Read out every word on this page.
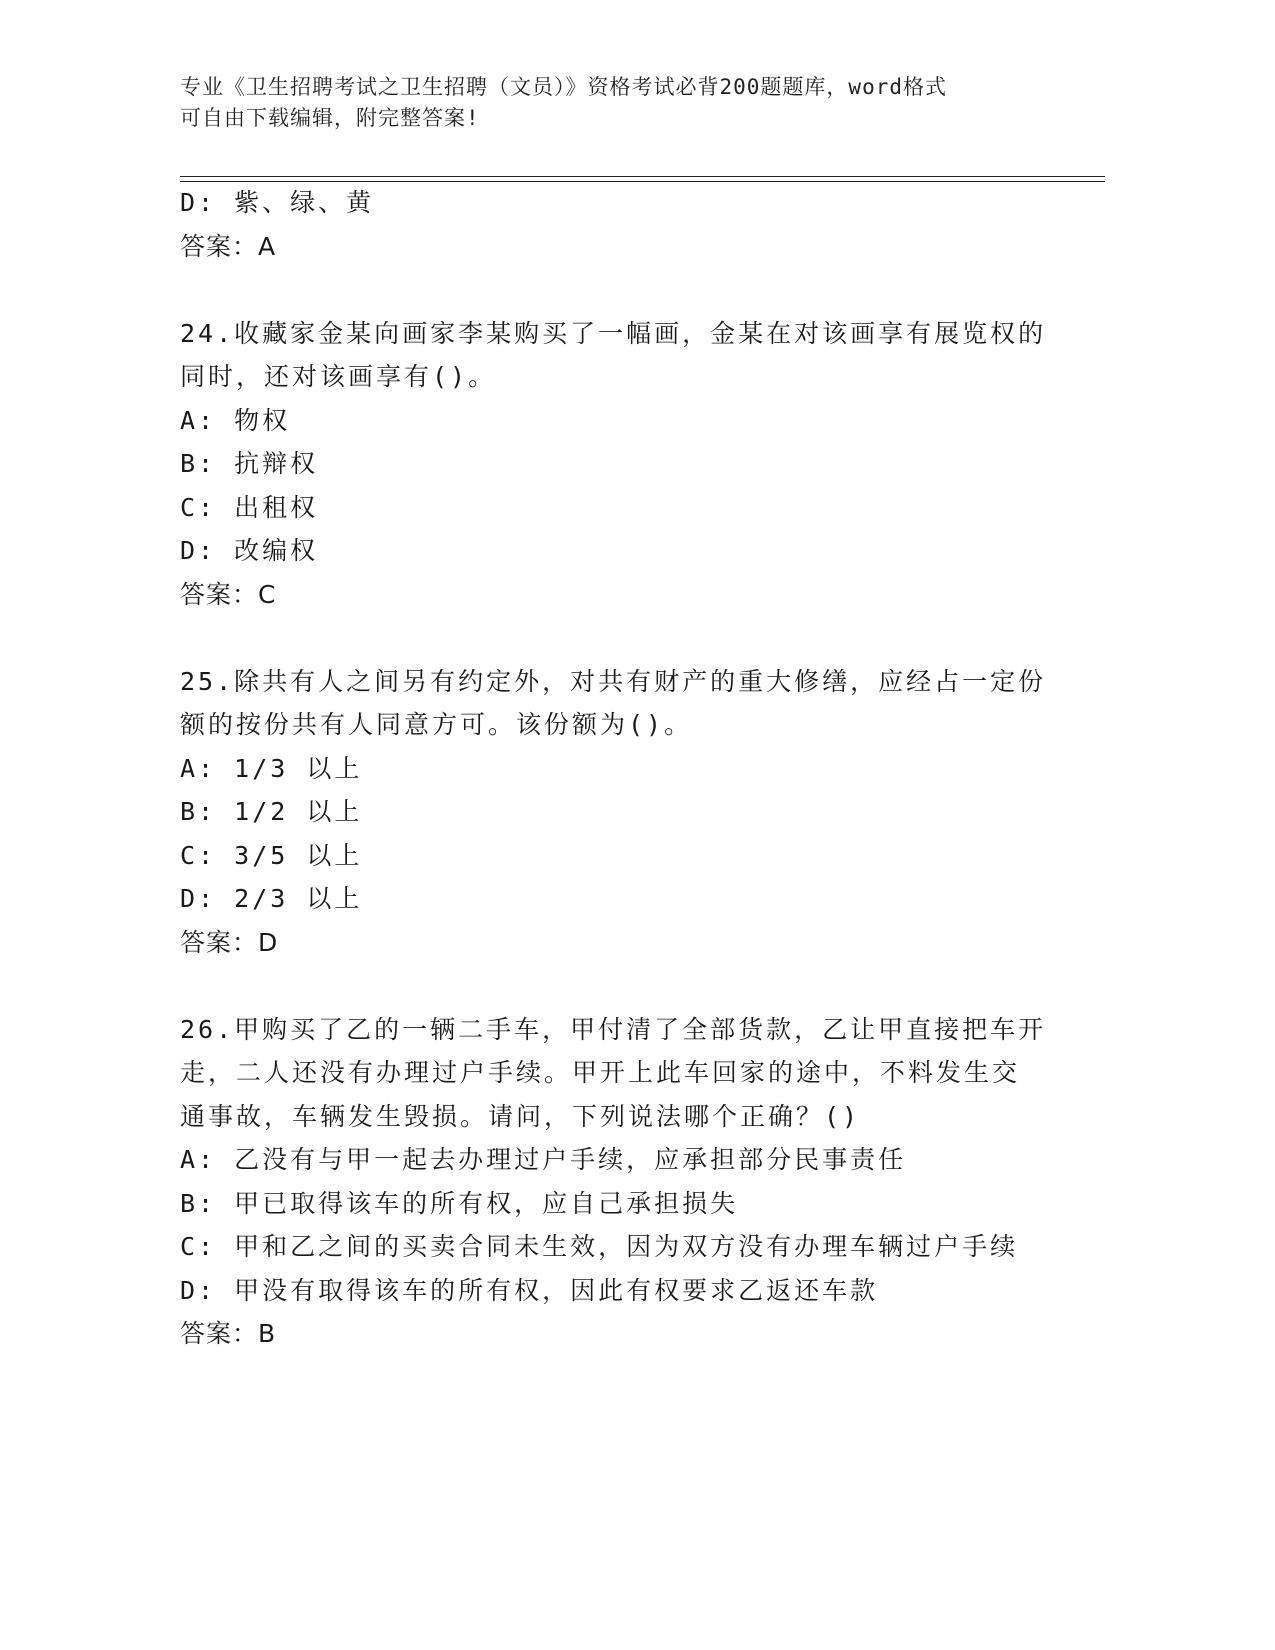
专业《卫生招聘考试之卫生招聘（文员）》资格考试必背200题题库，word格式
可自由下载编辑，附完整答案!
D: 紫、绿、黄
答案：A
24.收藏家金某向画家李某购买了一幅画，金某在对该画享有展览权的
同时，还对该画享有()。
A: 物权
B: 抗辩权
C: 出租权
D: 改编权
答案：C
25.除共有人之间另有约定外，对共有财产的重大修缮，应经占一定份
额的按份共有人同意方可。该份额为()。
A: 1/3 以上
B: 1/2 以上
C: 3/5 以上
D: 2/3 以上
答案：D
26.甲购买了乙的一辆二手车，甲付清了全部货款，乙让甲直接把车开
走，二人还没有办理过户手续。甲开上此车回家的途中，不料发生交
通事故，车辆发生毁损。请问，下列说法哪个正确？()
A: 乙没有与甲一起去办理过户手续，应承担部分民事责任
B: 甲已取得该车的所有权，应自己承担损失
C: 甲和乙之间的买卖合同未生效，因为双方没有办理车辆过户手续
D: 甲没有取得该车的所有权，因此有权要求乙返还车款
答案：B
